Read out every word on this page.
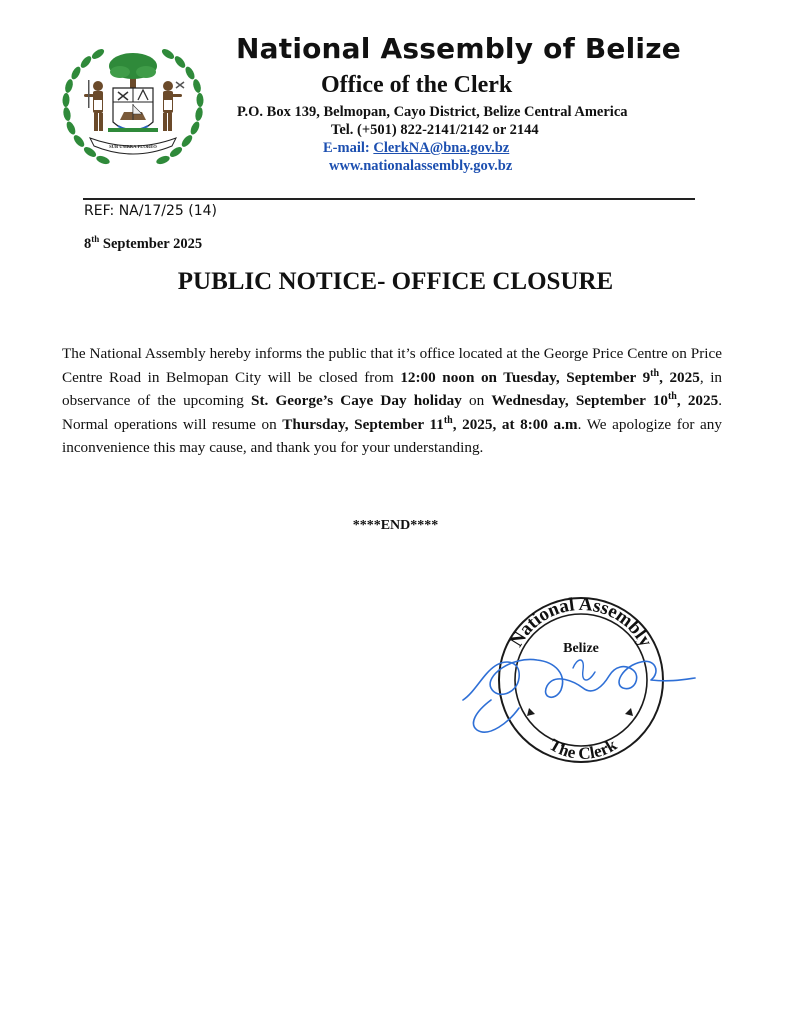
SUB UMBRA FLOREO
National Assembly of Belize
Office of the Clerk
P.O. Box 139, Belmopan, Cayo District, Belize Central America
Tel. (+501) 822-2141/2142 or 2144
E-mail: ClerkNA@bna.gov.bz
www.nationalassembly.gov.bz
REF: NA/17/25 (14)
8th September 2025
PUBLIC NOTICE- OFFICE CLOSURE

The National Assembly hereby informs the public that it’s office located at the George Price Centre on Price Centre Road in Belmopan City will be closed from 12:00 noon on Tuesday, September 9th, 2025, in observance of the upcoming St. George’s Caye Day holiday on Wednesday, September 10th, 2025. Normal operations will resume on Thursday, September 11th, 2025, at 8:00 a.m. We apologize for any inconvenience this may cause, and thank you for your understanding.

****END****
National Assembly
Belize
The Clerk
